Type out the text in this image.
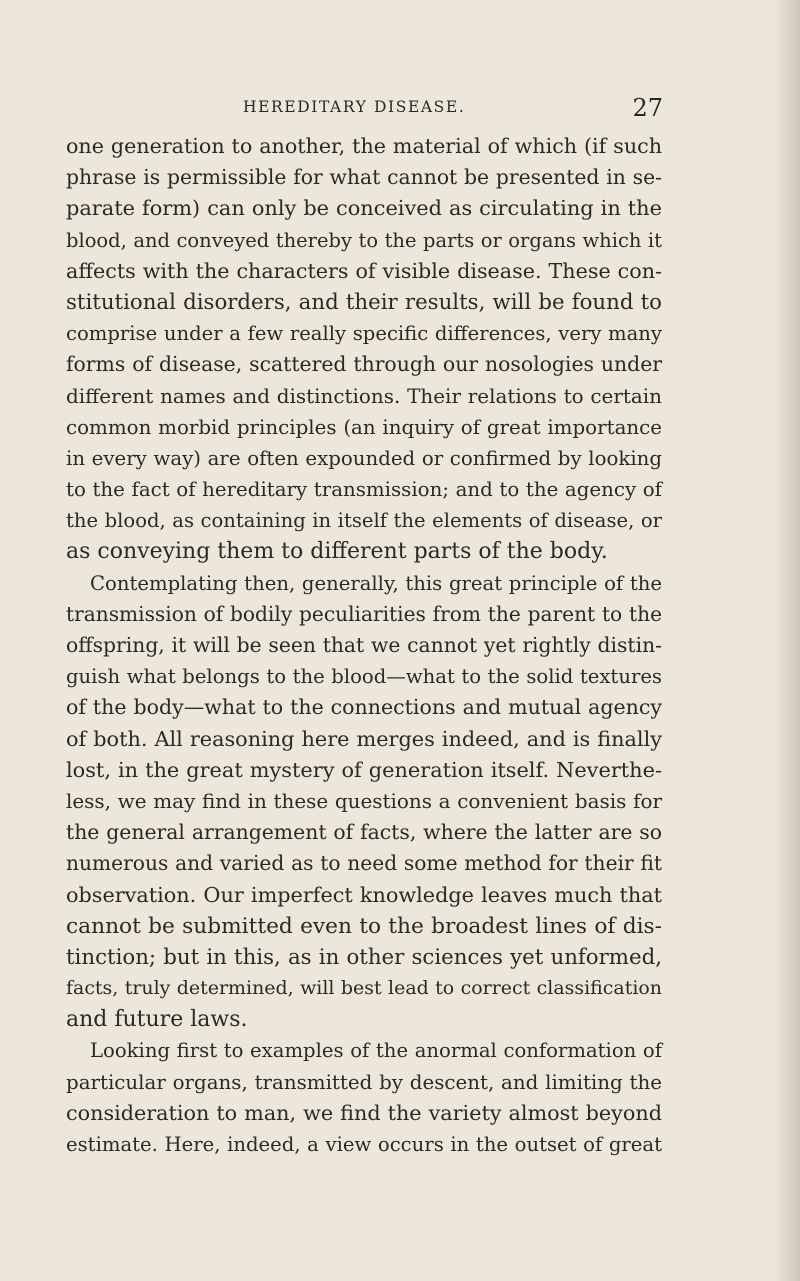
HEREDITARY DISEASE.	27
one generation to another, the material of which (if such
phrase is permissible for what cannot be presented in se-
parate form) can only be conceived as circulating in the
blood, and conveyed thereby to the parts or organs which it
affects with the characters of visible disease. These con-
stitutional disorders, and their results, will be found to
comprise under a few really specific differences, very many
forms of disease, scattered through our nosologies under
different names and distinctions. Their relations to certain
common morbid principles (an inquiry of great importance
in every way) are often expounded or confirmed by looking
to the fact of hereditary transmission; and to the agency of
the blood, as containing in itself the elements of disease, or
as conveying them to different parts of the body.
Contemplating then, generally, this great principle of the
transmission of bodily peculiarities from the parent to the
offspring, it will be seen that we cannot yet rightly distin-
guish what belongs to the blood—what to the solid textures
of the body—what to the connections and mutual agency
of both. All reasoning here merges indeed, and is finally
lost, in the great mystery of generation itself. Neverthe-
less, we may find in these questions a convenient basis for
the general arrangement of facts, where the latter are so
numerous and varied as to need some method for their fit
observation. Our imperfect knowledge leaves much that
cannot be submitted even to the broadest lines of dis-
tinction; but in this, as in other sciences yet unformed,
facts, truly determined, will best lead to correct classification
and future laws.
Looking first to examples of the anormal conformation of
particular organs, transmitted by descent, and limiting the
consideration to man, we find the variety almost beyond
estimate. Here, indeed, a view occurs in the outset of great
